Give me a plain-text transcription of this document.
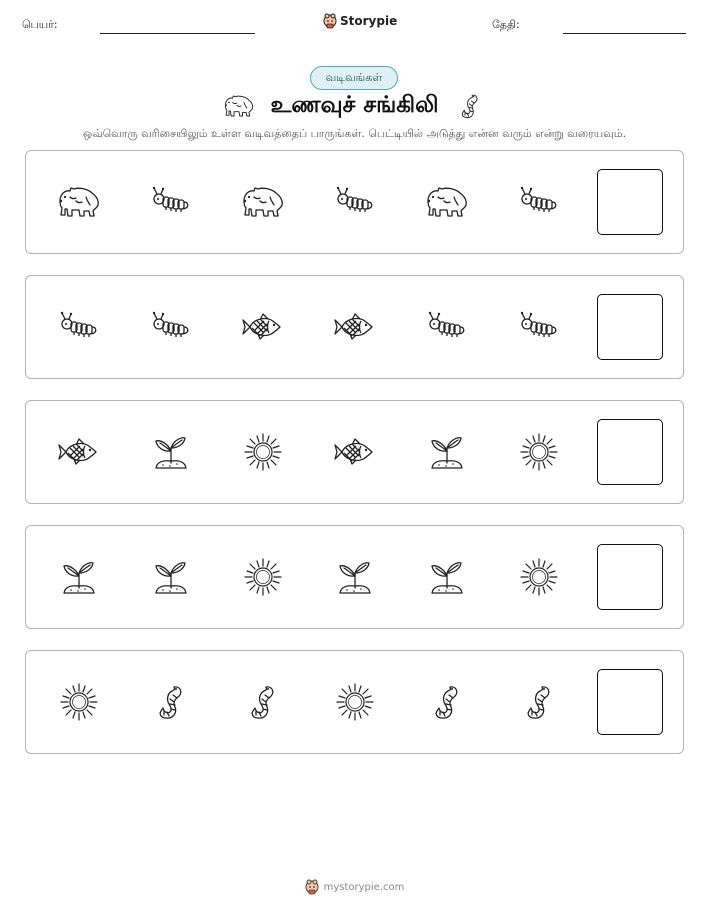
பெயர்:	Storypie	தேதி:
வடிவங்கள்
உணவுச் சங்கிலி
ஒவ்வொரு வரிசையிலும் உள்ள வடிவத்தைப் பாருங்கள். பெட்டியில் அடுத்து என்ன வரும் என்று வரையவும்.
mystorypie.com
